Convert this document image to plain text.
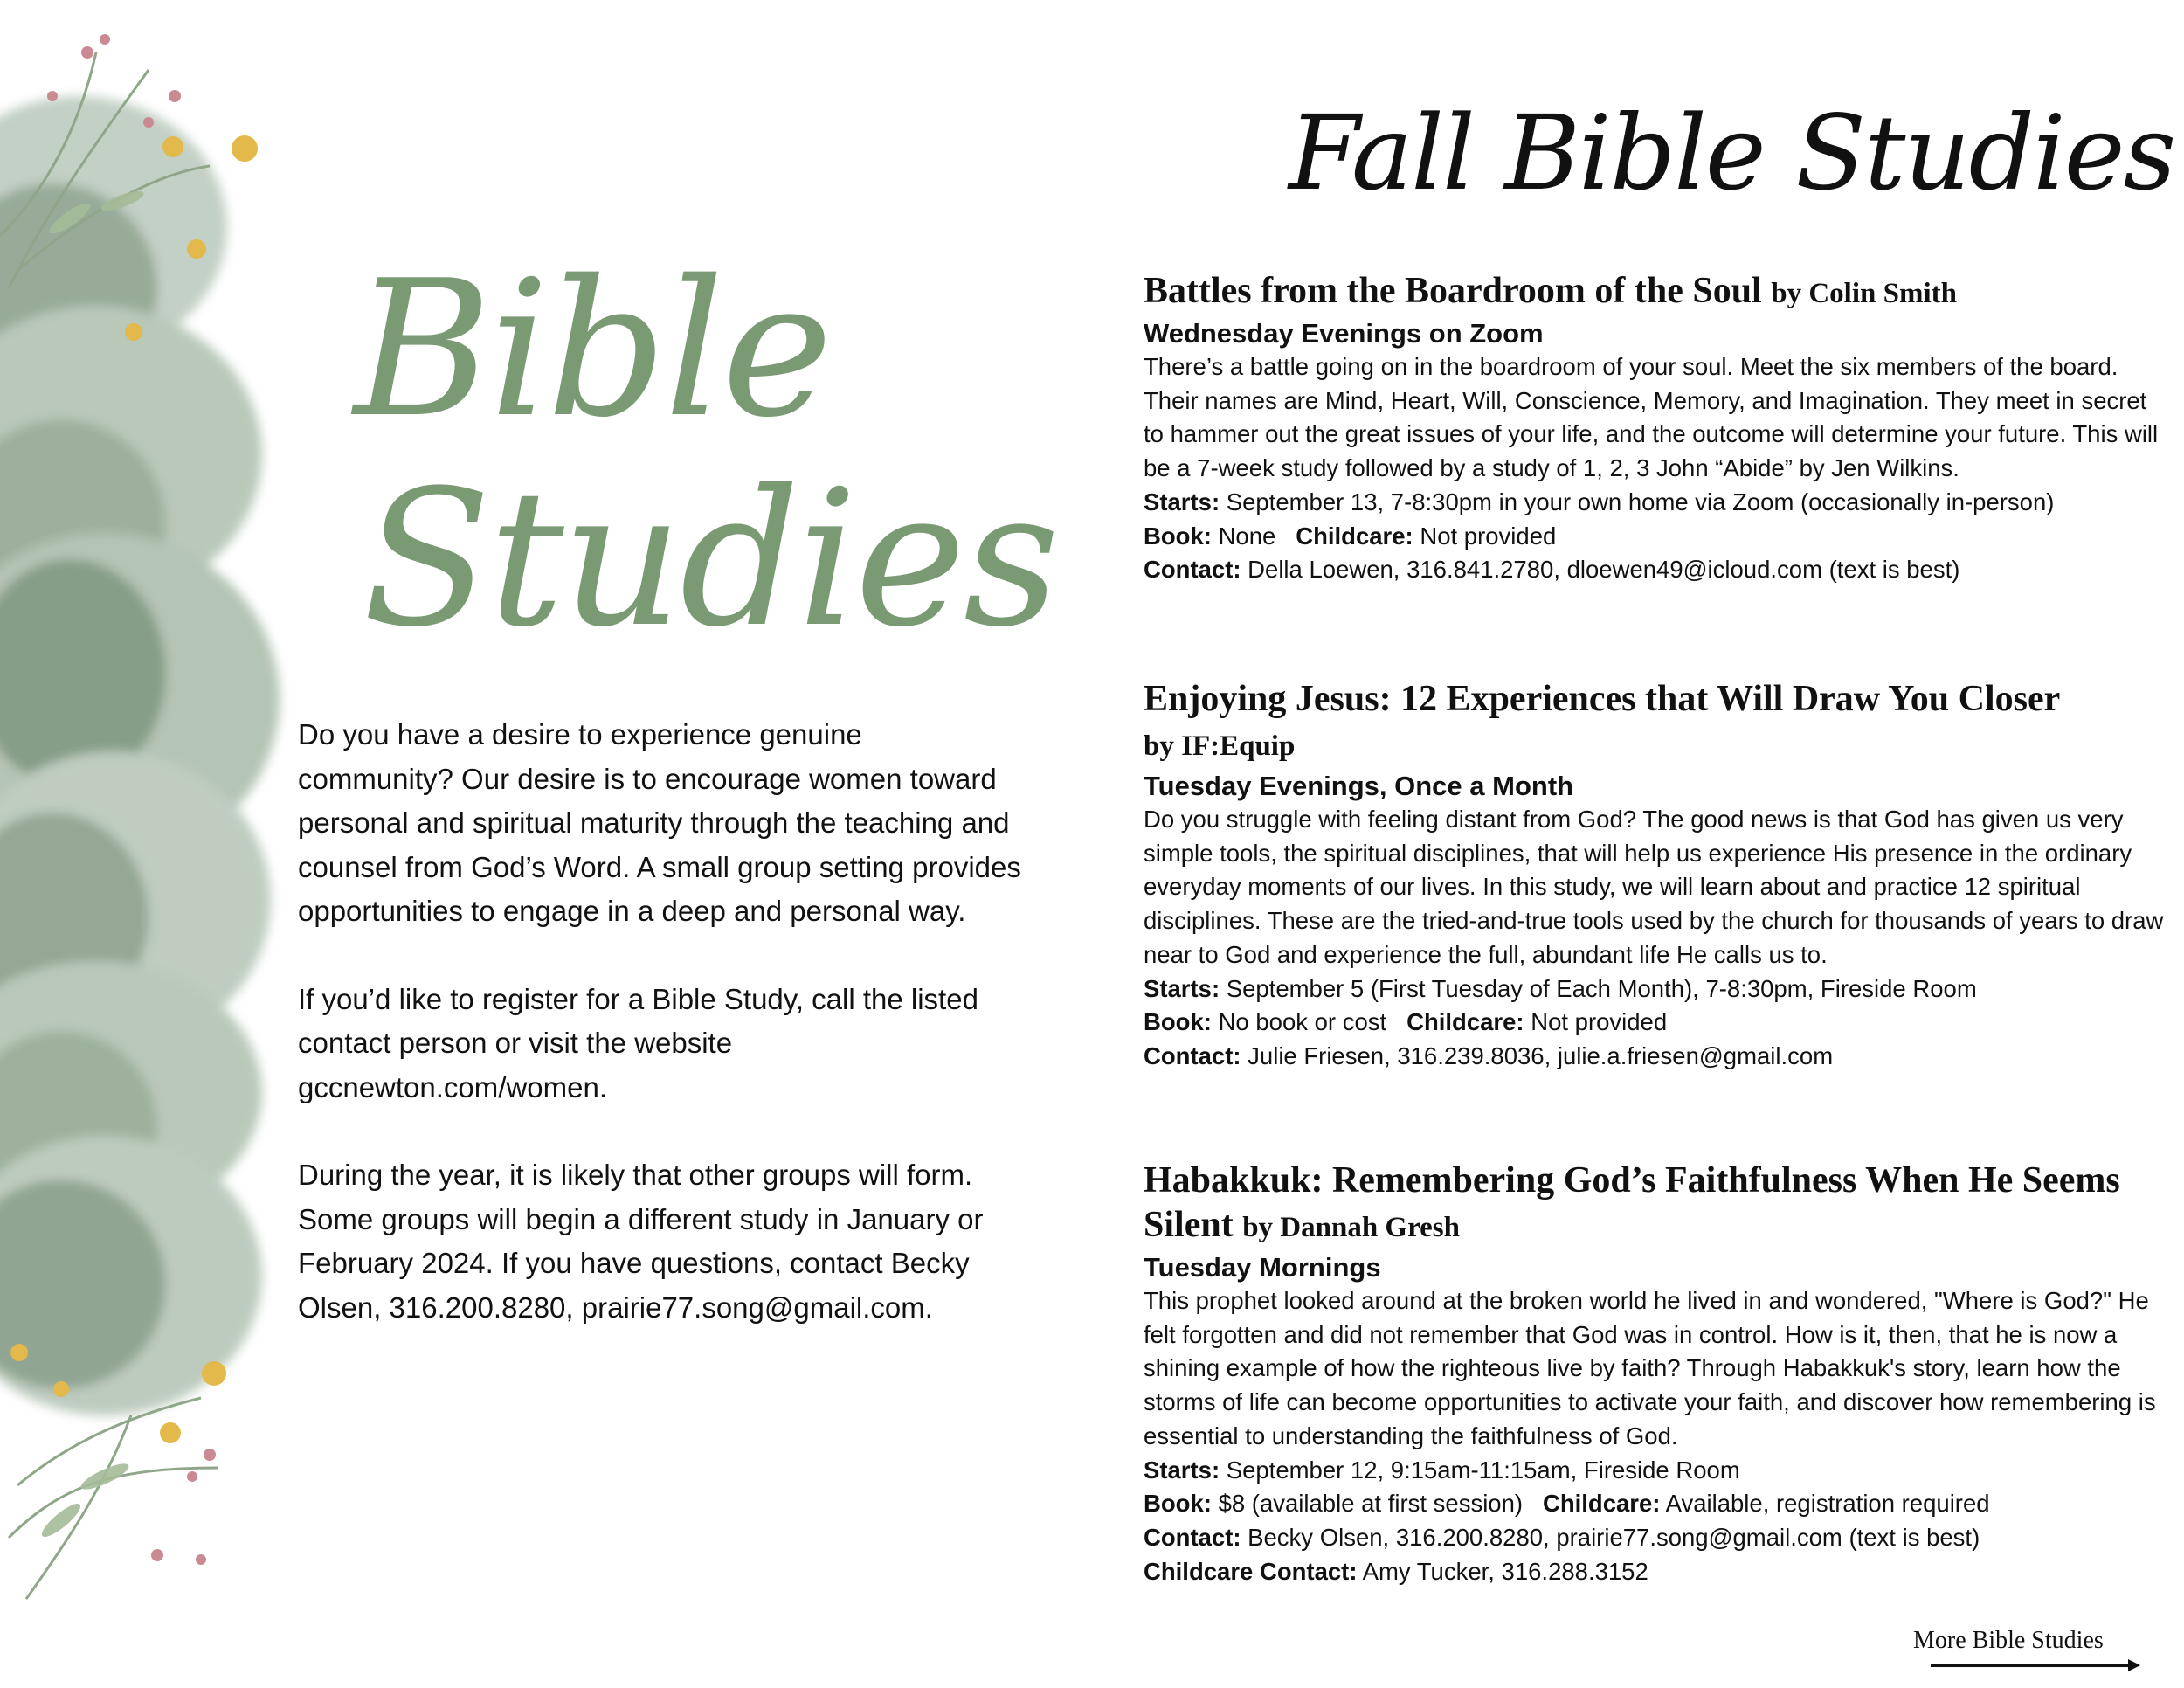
Bible
Studies

Do you have a desire to experience genuine community? Our desire is to encourage women toward personal and spiritual maturity through the teaching and counsel from God’s Word. A small group setting provides opportunities to engage in a deep and personal way.

If you’d like to register for a Bible Study, call the listed contact person or visit the website gccnewton.com/women.

During the year, it is likely that other groups will form. Some groups will begin a different study in January or February 2024. If you have questions, contact Becky Olsen, 316.200.8280, prairie77.song@gmail.com.

Fall Bible Studies

Battles from the Boardroom of the Soul by Colin Smith

Wednesday Evenings on Zoom

There’s a battle going on in the boardroom of your soul. Meet the six members of the board. Their names are Mind, Heart, Will, Conscience, Memory, and Imagination. They meet in secret to hammer out the great issues of your life, and the outcome will determine your future. This will be a 7-week study followed by a study of 1, 2, 3 John “Abide” by Jen Wilkins.

Starts: September 13, 7-8:30pm in your own home via Zoom (occasionally in-person)

Book: None Childcare: Not provided

Contact: Della Loewen, 316.841.2780, dloewen49@icloud.com (text is best)

Enjoying Jesus: 12 Experiences that Will Draw You Closer
by IF:Equip

Tuesday Evenings, Once a Month

Do you struggle with feeling distant from God? The good news is that God has given us very simple tools, the spiritual disciplines, that will help us experience His presence in the ordinary everyday moments of our lives. In this study, we will learn about and practice 12 spiritual disciplines. These are the tried-and-true tools used by the church for thousands of years to draw near to God and experience the full, abundant life He calls us to.

Starts: September 5 (First Tuesday of Each Month), 7-8:30pm, Fireside Room

Book: No book or cost Childcare: Not provided

Contact: Julie Friesen, 316.239.8036, julie.a.friesen@gmail.com

Habakkuk: Remembering God’s Faithfulness When He Seems Silent by Dannah Gresh

Tuesday Mornings

This prophet looked around at the broken world he lived in and wondered, "Where is God?" He felt forgotten and did not remember that God was in control. How is it, then, that he is now a shining example of how the righteous live by faith? Through Habakkuk's story, learn how the storms of life can become opportunities to activate your faith, and discover how remembering is essential to understanding the faithfulness of God.

Starts: September 12, 9:15am-11:15am, Fireside Room

Book: $8 (available at first session) Childcare: Available, registration required

Contact: Becky Olsen, 316.200.8280, prairie77.song@gmail.com (text is best)

Childcare Contact: Amy Tucker, 316.288.3152

More Bible Studies
